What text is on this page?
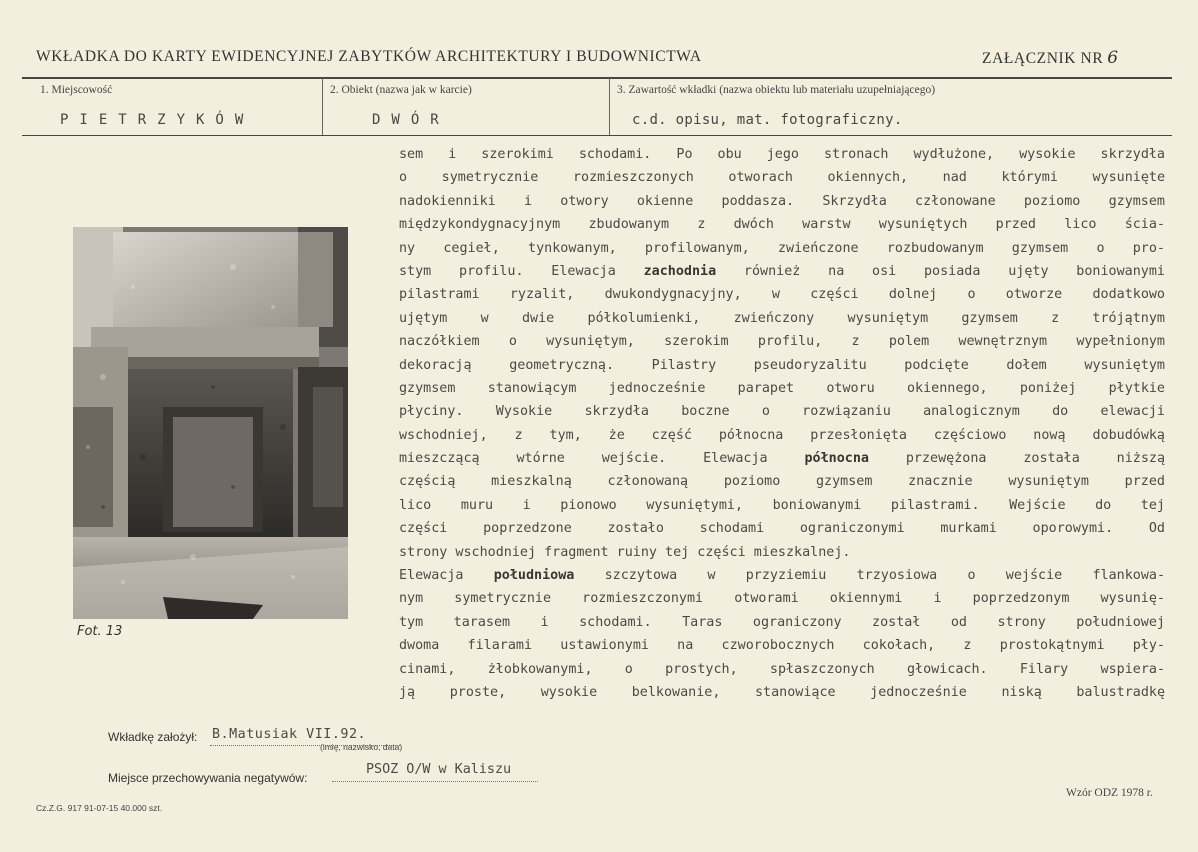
WKŁADKA DO KARTY EWIDENCYJNEJ ZABYTKÓW ARCHITEKTURY I BUDOWNICTWA	ZAŁĄCZNIK NR 6
1. Miejscowość
PIETRZYKÓW
2. Obiekt (nazwa jak w karcie)
DWÓR
3. Zawartość wkładki (nazwa obiektu lub materiału uzupełniającego)
c.d. opisu, mat. fotograficzny.
Fot. 13
sem i szerokimi schodami. Po obu jego stronach wydłużone, wysokie skrzydła
o symetrycznie rozmieszczonych otworach okiennych, nad którymi wysunięte
nadokienniki i otwory okienne poddasza. Skrzydła członowane poziomo gzymsem
międzykondygnacyjnym zbudowanym z dwóch warstw wysuniętych przed lico ścia-
ny cegieł, tynkowanym, profilowanym, zwieńczone rozbudowanym gzymsem o pro-
stym profilu. Elewacja zachodnia również na osi posiada ujęty boniowanymi
pilastrami ryzalit, dwukondygnacyjny, w części dolnej o otworze dodatkowo
ujętym w dwie półkolumienki, zwieńczony wysuniętym gzymsem z trójątnym
naczółkiem o wysuniętym, szerokim profilu, z polem wewnętrznym wypełnionym
dekoracją geometryczną. Pilastry pseudoryzalitu podcięte dołem wysuniętym
gzymsem stanowiącym jednocześnie parapet otworu okiennego, poniżej płytkie
płyciny. Wysokie skrzydła boczne o rozwiązaniu analogicznym do elewacji
wschodniej, z tym, że część północna przesłonięta częściowo nową dobudówką
mieszczącą wtórne wejście. Elewacja	północna	przewężona została niższą
częścią mieszkalną członowaną poziomo gzymsem znacznie wysuniętym przed
lico muru i pionowo wysuniętymi, boniowanymi pilastrami. Wejście do tej
części poprzedzone zostało schodami ograniczonymi murkami oporowymi. Od
strony wschodniej fragment ruiny tej części mieszkalnej.
Elewacja południowa szczytowa w przyziemiu trzyosiowa o wejście flankowa-
nym symetrycznie rozmieszczonymi otworami okiennymi i poprzedzonym wysunię-
tym tarasem i schodami. Taras ograniczony został od strony południowej
dwoma filarami ustawionymi na czworobocznych cokołach, z prostokątnymi pły-
cinami, żłobkowanymi, o prostych, spłaszczonych głowicach. Filary wspiera-
ją proste, wysokie belkowanie, stanowiące jednocześnie niską balustradkę
Wkładkę założył: B.Matusiak VII.92.
(imię, nazwisko, data)
Miejsce przechowywania negatywów:
PSOZ O/W w Kaliszu
Cz.Z.G. 917 91-07-15 40.000 szt.
Wzór ODZ 1978 r.
